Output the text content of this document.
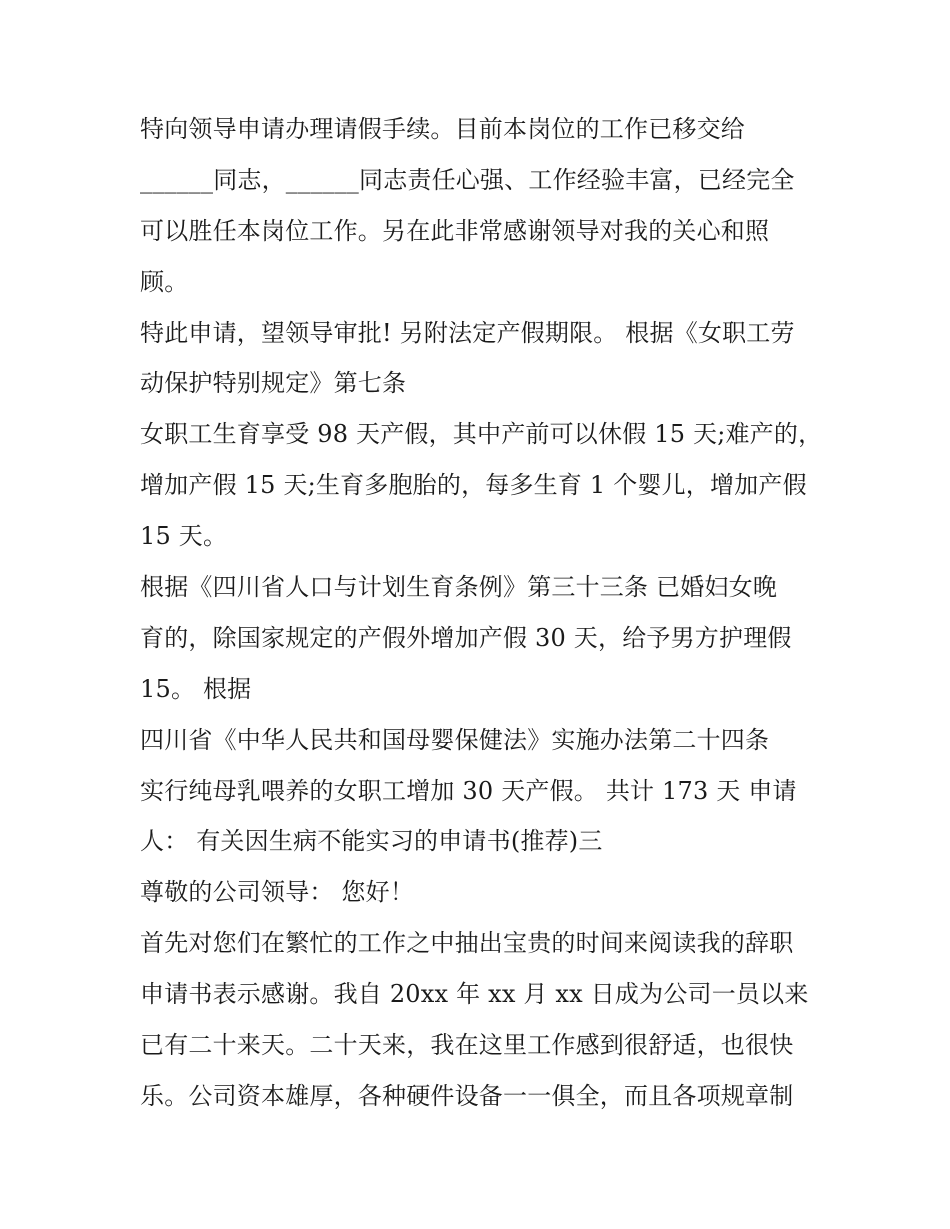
特向领导申请办理请假手续。目前本岗位的工作已移交给
______同志，______同志责任心强、工作经验丰富，已经完全
可以胜任本岗位工作。另在此非常感谢领导对我的关心和照
顾。
特此申请，望领导审批! 另附法定产假期限。 根据《女职工劳
动保护特别规定》第七条
女职工生育享受 98 天产假，其中产前可以休假 15 天;难产的，
增加产假 15 天;生育多胞胎的，每多生育 1 个婴儿，增加产假
15 天。
根据《四川省人口与计划生育条例》第三十三条 已婚妇女晚
育的，除国家规定的产假外增加产假 30 天，给予男方护理假
15。 根据
四川省《中华人民共和国母婴保健法》实施办法第二十四条
实行纯母乳喂养的女职工增加 30 天产假。 共计 173 天 申请
人： 有关因生病不能实习的申请书(推荐)三
尊敬的公司领导： 您好！
首先对您们在繁忙的工作之中抽出宝贵的时间来阅读我的辞职
申请书表示感谢。我自 20xx 年 xx 月 xx 日成为公司一员以来
已有二十来天。二十天来，我在这里工作感到很舒适，也很快
乐。公司资本雄厚，各种硬件设备一一俱全，而且各项规章制
